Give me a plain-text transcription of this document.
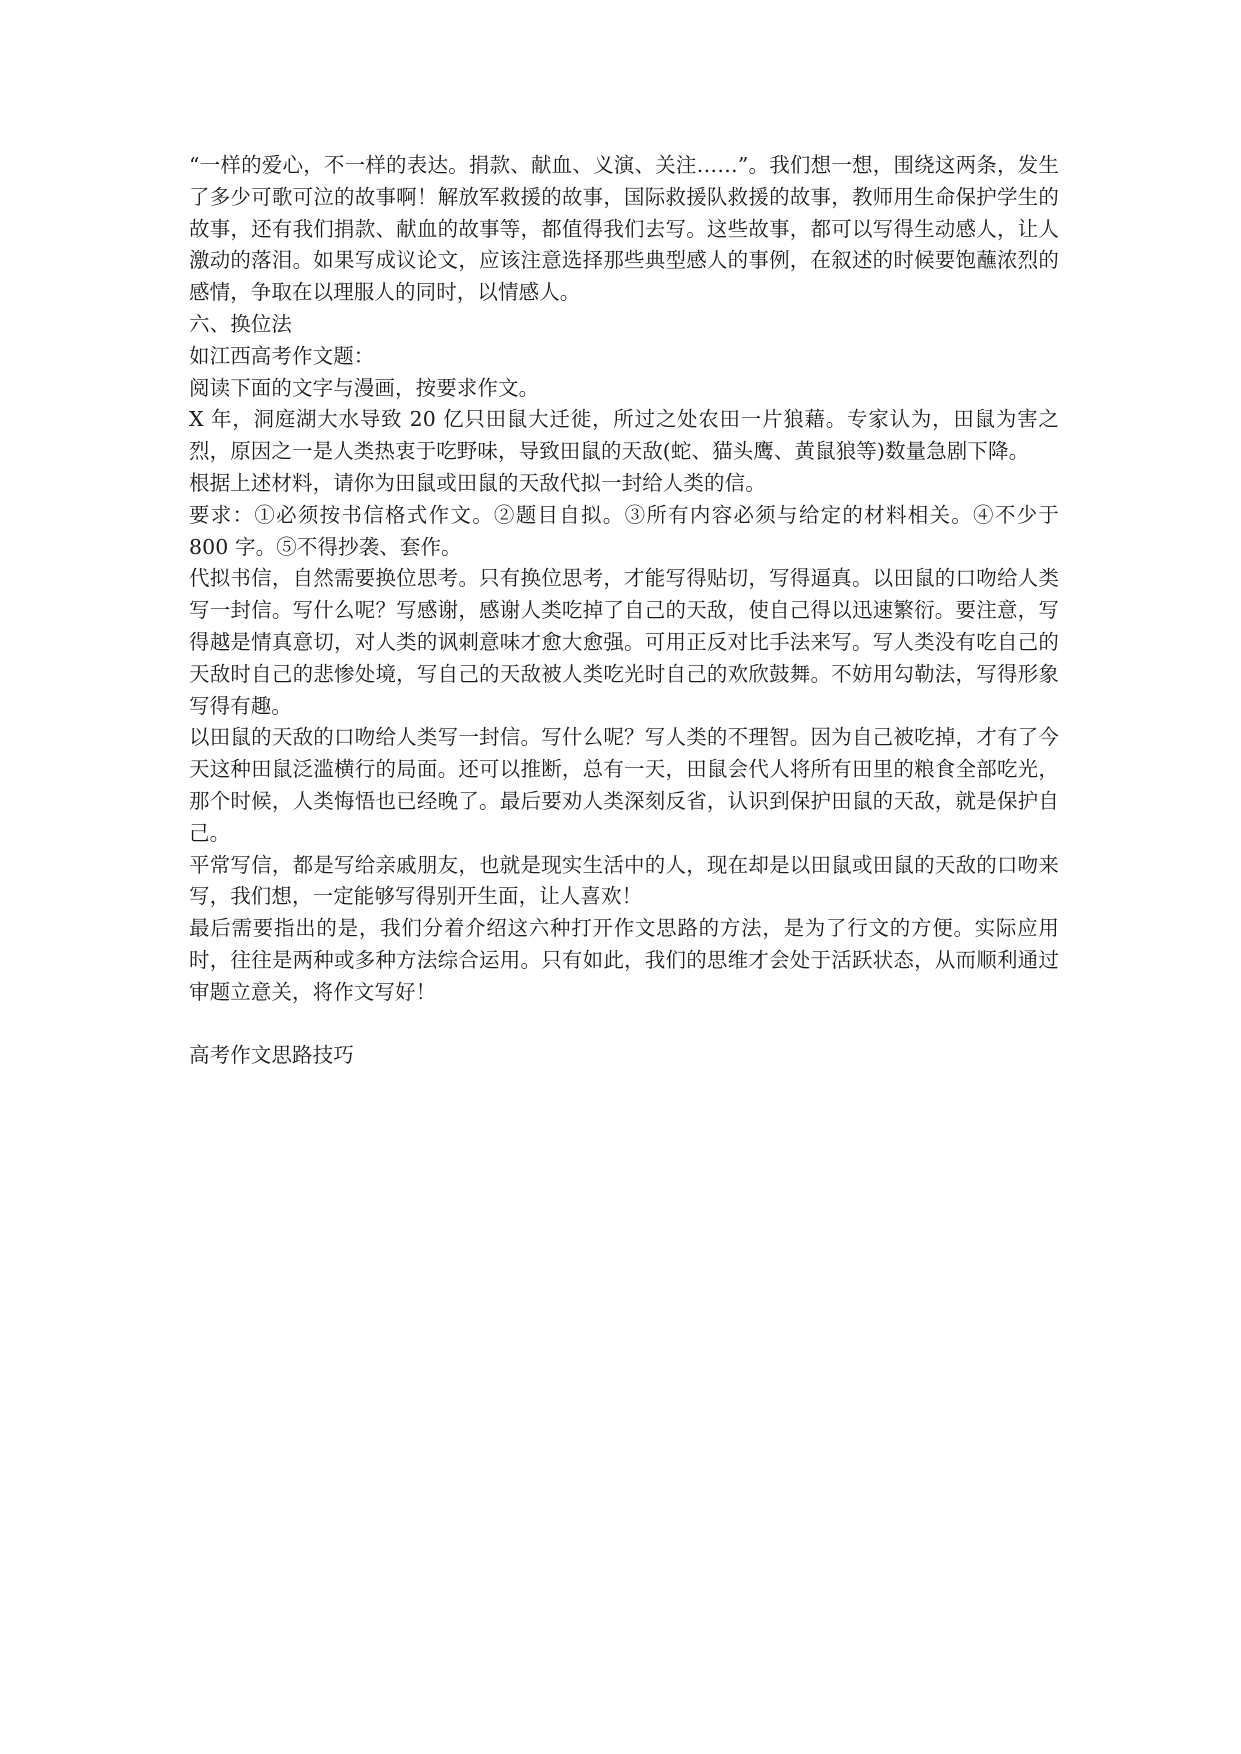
“一样的爱心，不一样的表达。捐款、献血、义演、关注……”。我们想一想，围绕这两条，发生了多少可歌可泣的故事啊！解放军救援的故事，国际救援队救援的故事，教师用生命保护学生的故事，还有我们捐款、献血的故事等，都值得我们去写。这些故事，都可以写得生动感人，让人激动的落泪。如果写成议论文，应该注意选择那些典型感人的事例，在叙述的时候要饱蘸浓烈的感情，争取在以理服人的同时，以情感人。

六、换位法

如江西高考作文题：

阅读下面的文字与漫画，按要求作文。

X 年，洞庭湖大水导致 20 亿只田鼠大迁徙，所过之处农田一片狼藉。专家认为，田鼠为害之烈，原因之一是人类热衷于吃野味，导致田鼠的天敌(蛇、猫头鹰、黄鼠狼等)数量急剧下降。

根据上述材料，请你为田鼠或田鼠的天敌代拟一封给人类的信。

要求：①必须按书信格式作文。②题目自拟。③所有内容必须与给定的材料相关。④不少于 800 字。⑤不得抄袭、套作。

代拟书信，自然需要换位思考。只有换位思考，才能写得贴切，写得逼真。以田鼠的口吻给人类写一封信。写什么呢？写感谢，感谢人类吃掉了自己的天敌，使自己得以迅速繁衍。要注意，写得越是情真意切，对人类的讽刺意味才愈大愈强。可用正反对比手法来写。写人类没有吃自己的天敌时自己的悲惨处境，写自己的天敌被人类吃光时自己的欢欣鼓舞。不妨用勾勒法，写得形象写得有趣。

以田鼠的天敌的口吻给人类写一封信。写什么呢？写人类的不理智。因为自己被吃掉，才有了今天这种田鼠泛滥横行的局面。还可以推断，总有一天，田鼠会代人将所有田里的粮食全部吃光，那个时候，人类悔悟也已经晚了。最后要劝人类深刻反省，认识到保护田鼠的天敌，就是保护自己。

平常写信，都是写给亲戚朋友，也就是现实生活中的人，现在却是以田鼠或田鼠的天敌的口吻来写，我们想，一定能够写得别开生面，让人喜欢！

最后需要指出的是，我们分着介绍这六种打开作文思路的方法，是为了行文的方便。实际应用时，往往是两种或多种方法综合运用。只有如此，我们的思维才会处于活跃状态，从而顺利通过审题立意关，将作文写好！

高考作文思路技巧
